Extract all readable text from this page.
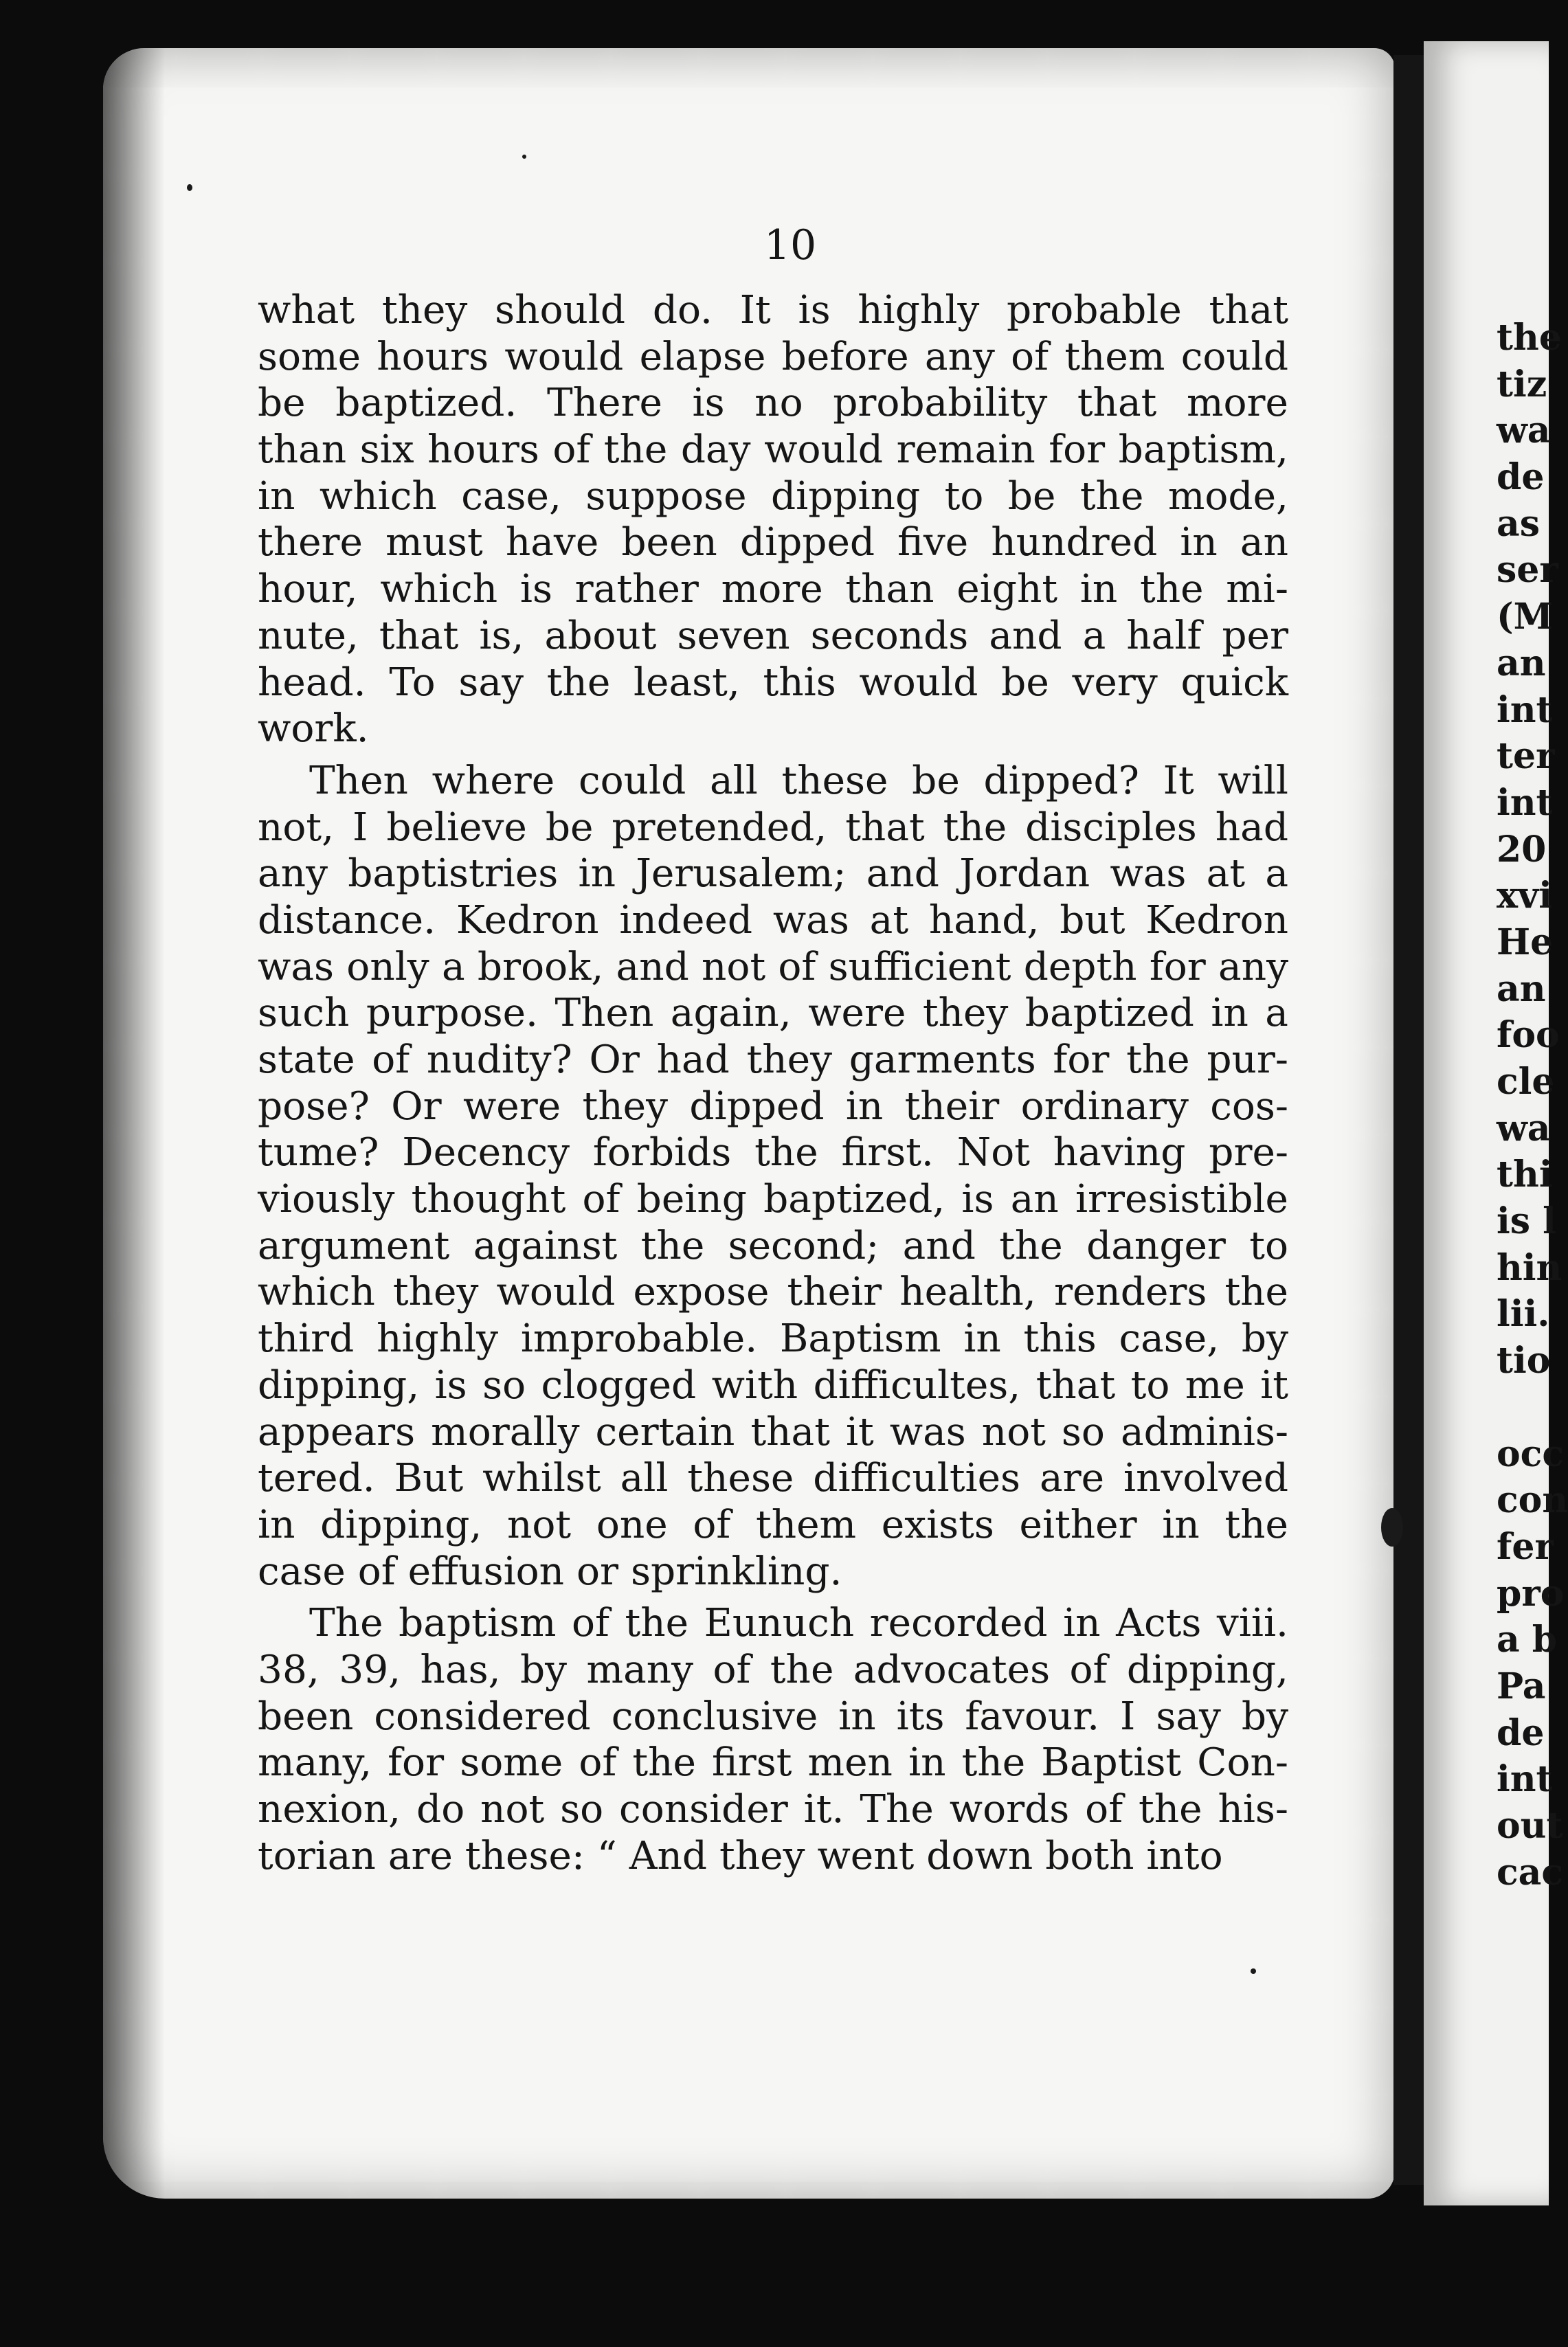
10

what they should do. It is highly probable that
some hours would elapse before any of them could
be baptized. There is no probability that more
than six hours of the day would remain for baptism,
in which case, suppose dipping to be the mode,
there must have been dipped five hundred in an
hour, which is rather more than eight in the mi-
nute, that is, about seven seconds and a half per
head. To say the least, this would be very quick
work.
Then where could all these be dipped? It will
not, I believe be pretended, that the disciples had
any baptistries in Jerusalem; and Jordan was at a
distance. Kedron indeed was at hand, but Kedron
was only a brook, and not of sufficient depth for any
such purpose. Then again, were they baptized in a
state of nudity? Or had they garments for the pur-
pose? Or were they dipped in their ordinary cos-
tume? Decency forbids the first. Not having pre-
viously thought of being baptized, is an irresistible
argument against the second; and the danger to
which they would expose their health, renders the
third highly improbable. Baptism in this case, by
dipping, is so clogged with difficultes, that to me it
appears morally certain that it was not so adminis-
tered. But whilst all these difficulties are involved
in dipping, not one of them exists either in the
case of effusion or sprinkling.
The baptism of the Eunuch recorded in Acts viii.
38, 39, has, by many of the advocates of dipping,
been considered conclusive in its favour. I say by
many, for some of the first men in the Baptist Con-
nexion, do not so consider it. The words of the his-
torian are these: “ And they went down both into
the
tiz
wa
de
as
ser
(M
an
int
ter
int
20
xvi
He
an
foo
cle
wa
thi
is l
hin
lii.
tio
occ
con
fer
pro
a b
Pa
de
int
out
cac
